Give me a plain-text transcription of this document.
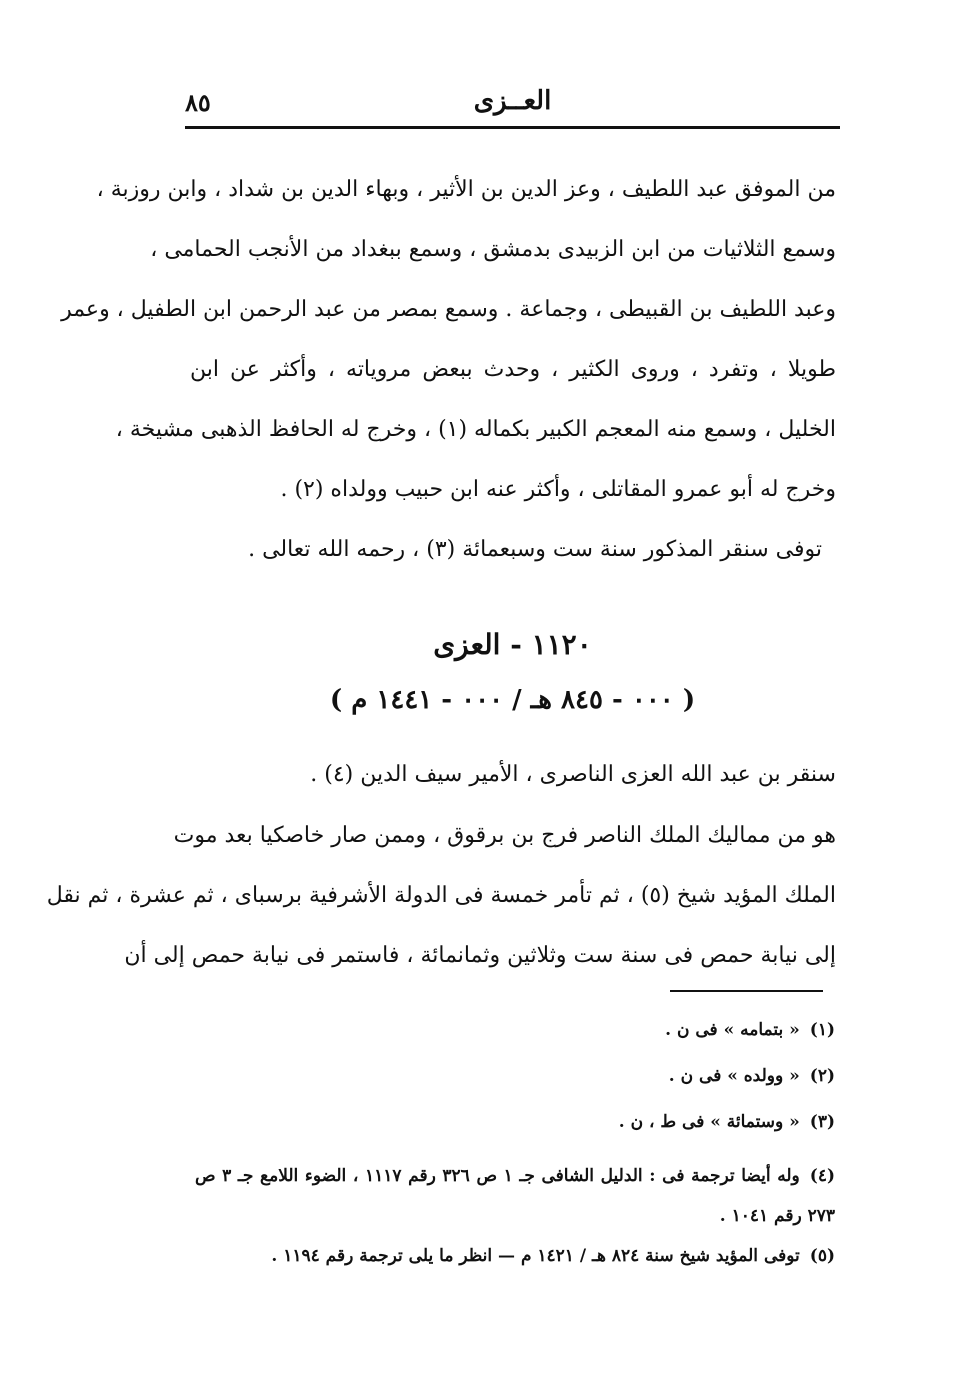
٨٥	العــزى
من الموفق عبد اللطيف ، وعز الدين بن الأثير ، وبهاء الدين بن شداد ، وابن روزبة ،
وسمع الثلاثيات من ابن الزبيدى بدمشق ، وسمع ببغداد من الأنجب الحمامى ،
وعبد اللطيف بن القبيطى ، وجماعة . وسمع بمصر من عبد الرحمن ابن الطفيل ، وعمر
طويلا ، وتفرد ، وروى الكثير ، وحدث ببعض مروياته ، وأكثر عن ابن
الخليل ، وسمع منه المعجم الكبير بكماله (١) ، وخرج له الحافظ الذهبى مشيخة ،
وخرج له أبو عمرو المقاتلى ، وأكثر عنه ابن حبيب وولداه (٢) .
توفى سنقر المذكور سنة ست وسبعمائة (٣) ، رحمه الله تعالى .
١١٢٠ - العزى
( ٠٠٠ - ٨٤٥ هـ / ٠٠٠ - ١٤٤١ م )
سنقر بن عبد الله العزى الناصرى ، الأمير سيف الدين (٤) .
هو من مماليك الملك الناصر فرج بن برقوق ، وممن صار خاصكيا بعد موت
الملك المؤيد شيخ (٥) ، ثم تأمر خمسة فى الدولة الأشرفية برسباى ، ثم عشرة ، ثم نقل
إلى نيابة حمص فى سنة ست وثلاثين وثمانمائة ، فاستمر فى نيابة حمص إلى أن
(١)« بتمامه » فى ن .
(٢)« وولده » فى ن .
(٣)« وستمائة » فى ط ، ن .
(٤)وله أيضا ترجمة فى : الدليل الشافى جـ ١ ص ٣٢٦ رقم ١١١٧ ، الضوء اللامع جـ ٣ ص ٢٧٣ رقم ١٠٤١ .
(٥)توفى المؤيد شيخ سنة ٨٢٤ هـ / ١٤٢١ م — انظر ما يلى ترجمة رقم ١١٩٤ .
